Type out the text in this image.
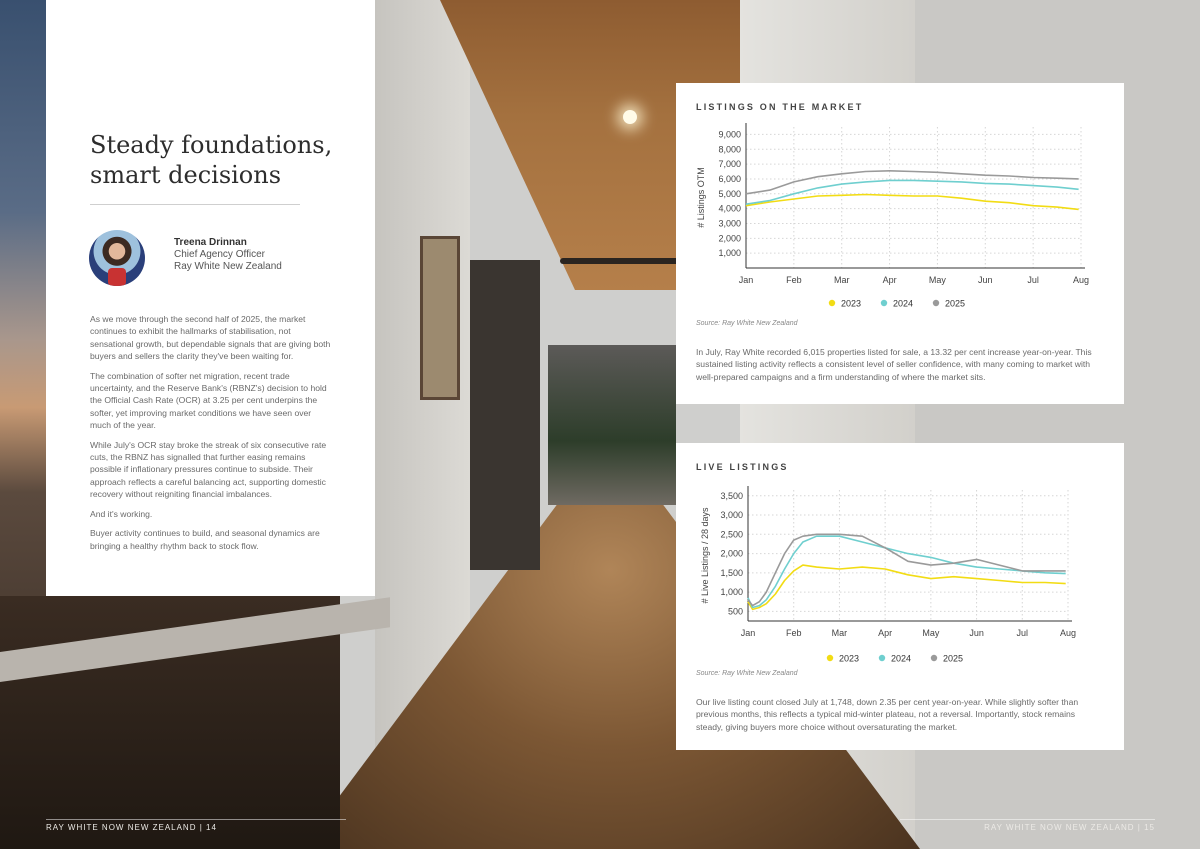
Steady foundations,
smart decisions
Treena Drinnan
Chief Agency Officer
Ray White New Zealand

As we move through the second half of 2025, the market continues to exhibit the hallmarks of stabilisation, not sensational growth, but dependable signals that are giving both buyers and sellers the clarity they've been waiting for.

The combination of softer net migration, recent trade uncertainty, and the Reserve Bank's (RBNZ's) decision to hold the Official Cash Rate (OCR) at 3.25 per cent underpins the softer, yet improving market conditions we have seen over much of the year.

While July's OCR stay broke the streak of six consecutive rate cuts, the RBNZ has signalled that further easing remains possible if inflationary pressures continue to subside. Their approach reflects a careful balancing act, supporting domestic recovery without reigniting financial imbalances.

And it's working.

Buyer activity continues to build, and seasonal dynamics are bringing a healthy rhythm back to stock flow.

LISTINGS ON THE MARKET
1,000
2,000
3,000
4,000
5,000
6,000
7,000
8,000
9,000
Jan	Feb	Mar	Apr	May	Jun	Jul	Aug
# Listings OTM
2023	2024	2025
Source: Ray White New Zealand

In July, Ray White recorded 6,015 properties listed for sale, a 13.32 per cent increase year-on-year. This sustained listing activity reflects a consistent level of seller confidence, with many coming to market with well-prepared campaigns and a firm understanding of where the market sits.

LIVE LISTINGS
500
1,000
1,500
2,000
2,500
3,000
3,500
Jan	Feb	Mar	Apr	May	Jun	Jul	Aug
# Live Listings / 28 days
2023	2024	2025
Source: Ray White New Zealand

Our live listing count closed July at 1,748, down 2.35 per cent year-on-year. While slightly softer than previous months, this reflects a typical mid-winter plateau, not a reversal. Importantly, stock remains steady, giving buyers more choice without oversaturating the market.

RAY WHITE NOW NEW ZEALAND | 14	RAY WHITE NOW NEW ZEALAND | 15
